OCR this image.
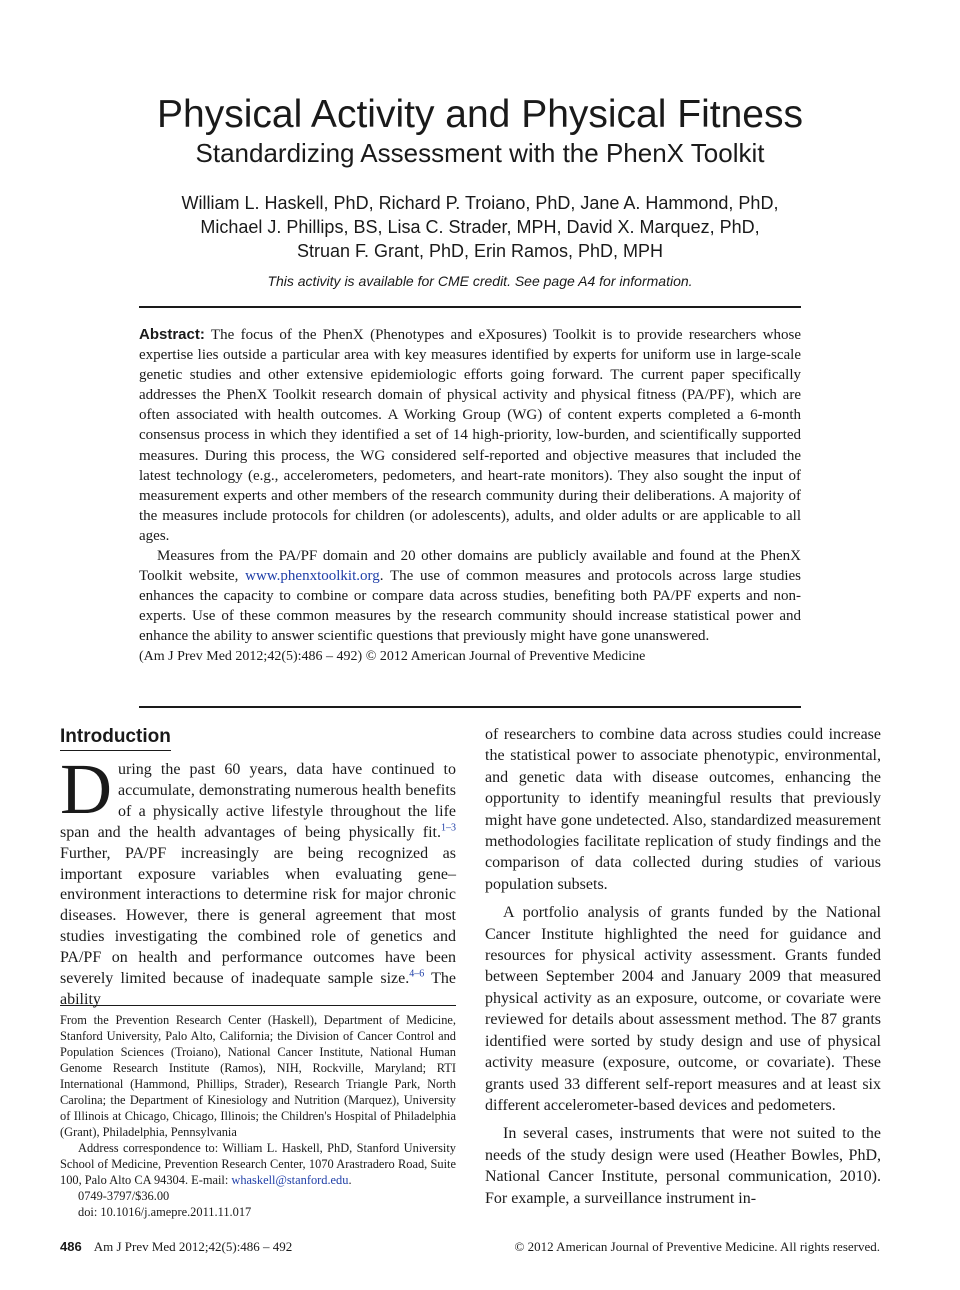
Physical Activity and Physical Fitness
Standardizing Assessment with the PhenX Toolkit
William L. Haskell, PhD, Richard P. Troiano, PhD, Jane A. Hammond, PhD,
Michael J. Phillips, BS, Lisa C. Strader, MPH, David X. Marquez, PhD,
Struan F. Grant, PhD, Erin Ramos, PhD, MPH
This activity is available for CME credit. See page A4 for information.

Abstract: The focus of the PhenX (Phenotypes and eXposures) Toolkit is to provide researchers whose expertise lies outside a particular area with key measures identified by experts for uniform use in large-scale genetic studies and other extensive epidemiologic efforts going forward. The current paper specifically addresses the PhenX Toolkit research domain of physical activity and physical fitness (PA/PF), which are often associated with health outcomes. A Working Group (WG) of content experts completed a 6-month consensus process in which they identified a set of 14 high-priority, low-burden, and scientifically supported measures. During this process, the WG considered self-reported and objective measures that included the latest technology (e.g., accelerometers, pedometers, and heart-rate monitors). They also sought the input of measurement experts and other members of the research community during their deliberations. A majority of the measures include protocols for children (or adolescents), adults, and older adults or are applicable to all ages.

Measures from the PA/PF domain and 20 other domains are publicly available and found at the PhenX Toolkit website, www.phenxtoolkit.org. The use of common measures and protocols across large studies enhances the capacity to combine or compare data across studies, benefiting both PA/PF experts and non-experts. Use of these common measures by the research community should increase statistical power and enhance the ability to answer scientific questions that previously might have gone unanswered.

(Am J Prev Med 2012;42(5):486 – 492) © 2012 American Journal of Preventive Medicine

Introduction

During the past 60 years, data have continued to accumulate, demonstrating numerous health benefits of a physically active lifestyle throughout the life span and the health advantages of being physically fit.$^{1-3}$ Further, PA/PF increasingly are being recognized as important exposure variables when evaluating gene– environment interactions to determine risk for major chronic diseases. However, there is general agreement that most studies investigating the combined role of genetics and PA/PF on health and performance outcomes have been severely limited because of inadequate sample size.$^{4-6}$ The ability

From the Prevention Research Center (Haskell), Department of Medicine, Stanford University, Palo Alto, California; the Division of Cancer Control and Population Sciences (Troiano), National Cancer Institute, National Human Genome Research Institute (Ramos), NIH, Rockville, Maryland; RTI International (Hammond, Phillips, Strader), Research Triangle Park, North Carolina; the Department of Kinesiology and Nutrition (Marquez), University of Illinois at Chicago, Chicago, Illinois; the Children's Hospital of Philadelphia (Grant), Philadelphia, Pennsylvania

Address correspondence to: William L. Haskell, PhD, Stanford University School of Medicine, Prevention Research Center, 1070 Arastradero Road, Suite 100, Palo Alto CA 94304. E-mail: whaskell@stanford.edu.

0749-3797/$36.00

doi: 10.1016/j.amepre.2011.11.017

of researchers to combine data across studies could increase the statistical power to associate phenotypic, environmental, and genetic data with disease outcomes, enhancing the opportunity to identify meaningful results that previously might have gone undetected. Also, standardized measurement methodologies facilitate replication of study findings and the comparison of data collected during studies of various population subsets.

A portfolio analysis of grants funded by the National Cancer Institute highlighted the need for guidance and resources for physical activity assessment. Grants funded between September 2004 and January 2009 that measured physical activity as an exposure, outcome, or covariate were reviewed for details about assessment method. The 87 grants identified were sorted by study design and use of physical activity measure (exposure, outcome, or covariate). These grants used 33 different self-report measures and at least six different accelerometer-based devices and pedometers.

In several cases, instruments that were not suited to the needs of the study design were used (Heather Bowles, PhD, National Cancer Institute, personal communication, 2010). For example, a surveillance instrument in-

486 Am J Prev Med 2012;42(5):486 – 492	© 2012 American Journal of Preventive Medicine. All rights reserved.
